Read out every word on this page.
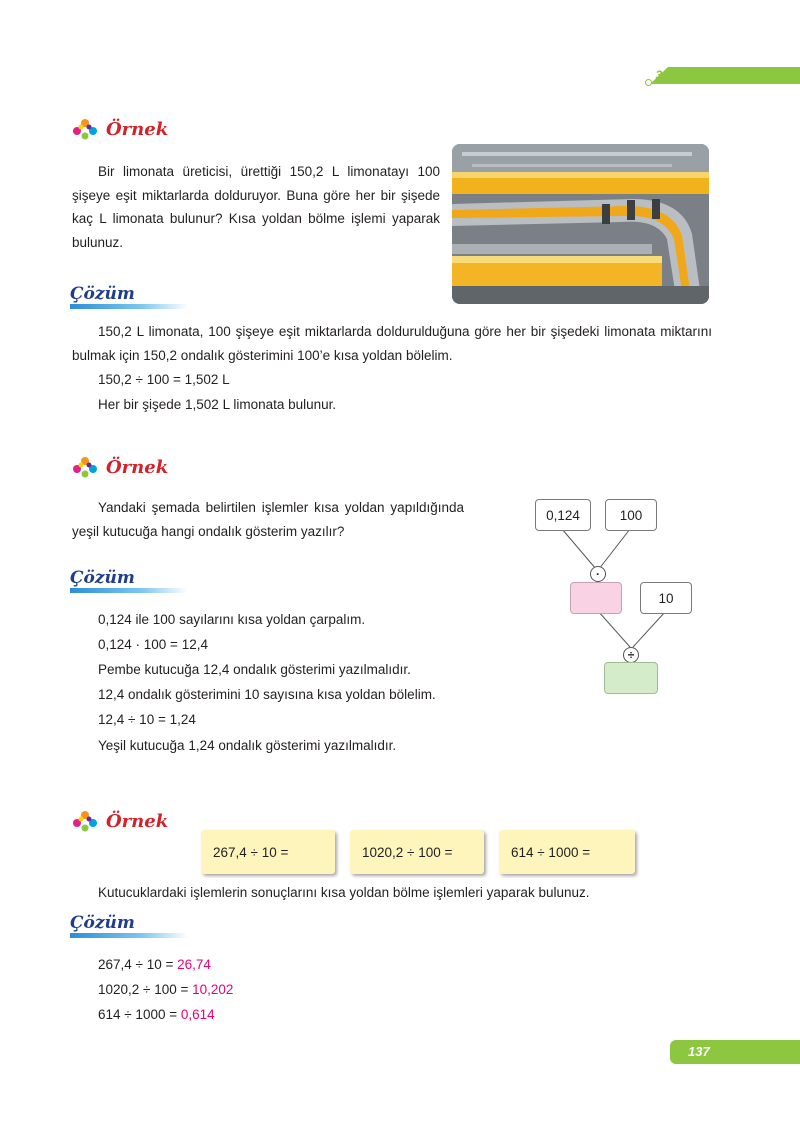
3. ÜNİTE
Örnek
Bir limonata üreticisi, ürettiği 150,2 L limonatayı 100 şişeye eşit miktarlarda dolduruyor. Buna göre her bir şişede kaç L limonata bulunur? Kısa yoldan bölme işlemi yaparak bulunuz.
Çözüm
150,2 L limonata, 100 şişeye eşit miktarlarda doldurulduğuna göre her bir şişedeki limonata miktarını bulmak için 150,2 ondalık gösterimini 100’e kısa yoldan bölelim.
150,2 ÷ 100 = 1,502 L
Her bir şişede 1,502 L limonata bulunur.
Örnek
Yandaki şemada belirtilen işlemler kısa yoldan yapıldığında yeşil kutucuğa hangi ondalık gösterim yazılır?
0,124	100
·
10
÷
Çözüm
0,124 ile 100 sayılarını kısa yoldan çarpalım.
0,124 · 100 = 12,4
Pembe kutucuğa 12,4 ondalık gösterimi yazılmalıdır.
12,4 ondalık gösterimini 10 sayısına kısa yoldan bölelim.
12,4 ÷ 10 = 1,24
Yeşil kutucuğa 1,24 ondalık gösterimi yazılmalıdır.
Örnek
267,4 ÷ 10 =	1020,2 ÷ 100 =	614 ÷ 1000 =
Kutucuklardaki işlemlerin sonuçlarını kısa yoldan bölme işlemleri yaparak bulunuz.
Çözüm
267,4 ÷ 10 = 26,74
1020,2 ÷ 100 = 10,202
614 ÷ 1000 = 0,614
137
